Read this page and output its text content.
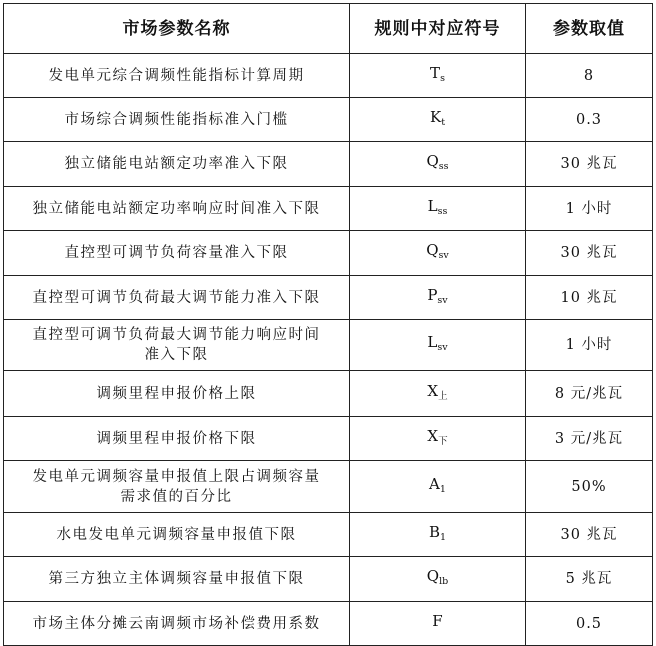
市场参数名称	规则中对应符号	参数取值
发电单元综合调频性能指标计算周期	$T_s$	8
市场综合调频性能指标准入门槛	$K_t$	0.3
独立储能电站额定功率准入下限	$Q_{ss}$	30 兆瓦
独立储能电站额定功率响应时间准入下限	$L_{ss}$	1 小时
直控型可调节负荷容量准入下限	$Q_{sv}$	30 兆瓦
直控型可调节负荷最大调节能力准入下限	$P_{sv}$	10 兆瓦
直控型可调节负荷最大调节能力响应时间
准入下限	$L_{sv}$	1 小时
调频里程申报价格上限	$X_上$	8 元/兆瓦
调频里程申报价格下限	$X_下$	3 元/兆瓦
发电单元调频容量申报值上限占调频容量
需求值的百分比	$A_1$	50%
水电发电单元调频容量申报值下限	$B_1$	30 兆瓦
第三方独立主体调频容量申报值下限	$Q_{lb}$	5 兆瓦
市场主体分摊云南调频市场补偿费用系数	F	0.5
